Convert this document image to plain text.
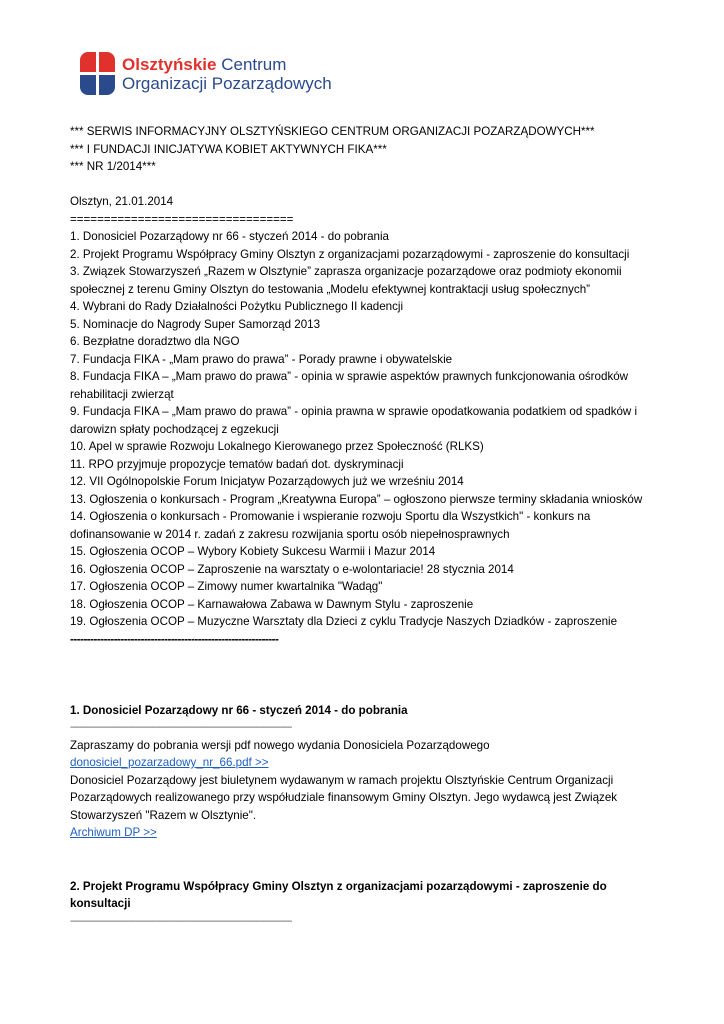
Olsztyńskie Centrum
Organizacji Pozarządowych
*** SERWIS INFORMACYJNY OLSZTYŃSKIEGO CENTRUM ORGANIZACJI POZARZĄDOWYCH***
*** I FUNDACJI INICJATYWA KOBIET AKTYWNYCH FIKA***
*** NR 1/2014***
Olsztyn, 21.01.2014
=================================
1. Donosiciel Pozarządowy nr 66 - styczeń 2014 - do pobrania
2. Projekt Programu Współpracy Gminy Olsztyn z organizacjami pozarządowymi - zaproszenie do konsultacji
3. Związek Stowarzyszeń „Razem w Olsztynie” zaprasza organizacje pozarządowe oraz podmioty ekonomii społecznej z terenu Gminy Olsztyn do testowania „Modelu efektywnej kontraktacji usług społecznych”
4. Wybrani do Rady Działalności Pożytku Publicznego II kadencji
5. Nominacje do Nagrody Super Samorząd 2013
6. Bezpłatne doradztwo dla NGO
7. Fundacja FIKA - „Mam prawo do prawa” - Porady prawne i obywatelskie
8. Fundacja FIKA – „Mam prawo do prawa” - opinia w sprawie aspektów prawnych funkcjonowania ośrodków rehabilitacji zwierząt
9. Fundacja FIKA – „Mam prawo do prawa” - opinia prawna w sprawie opodatkowania podatkiem od spadków i darowizn spłaty pochodzącej z egzekucji
10. Apel w sprawie Rozwoju Lokalnego Kierowanego przez Społeczność (RLKS)
11. RPO przyjmuje propozycje tematów badań dot. dyskryminacji
12. VII Ogólnopolskie Forum Inicjatyw Pozarządowych już we wrześniu 2014
13. Ogłoszenia o konkursach - Program „Kreatywna Europa” – ogłoszono pierwsze terminy składania wniosków
14. Ogłoszenia o konkursach - Promowanie i wspieranie rozwoju Sportu dla Wszystkich" - konkurs na dofinansowanie w 2014 r. zadań z zakresu rozwijania sportu osób niepełnosprawnych
15. Ogłoszenia OCOP – Wybory Kobiety Sukcesu Warmii i Mazur 2014
16. Ogłoszenia OCOP – Zaproszenie na warsztaty o e-wolontariacie! 28 stycznia 2014
17. Ogłoszenia OCOP – Zimowy numer kwartalnika "Wadąg"
18. Ogłoszenia OCOP – Karnawałowa Zabawa w Dawnym Stylu - zaproszenie
19. Ogłoszenia OCOP – Muzyczne Warsztaty dla Dzieci z cyklu Tradycje Naszych Dziadków - zaproszenie
--------------------------------------------------------------
1. Donosiciel Pozarządowy nr 66 - styczeń 2014 - do pobrania
-----------------------------------------------------------------------------------------------
Zapraszamy do pobrania wersji pdf nowego wydania Donosiciela Pozarządowego
donosiciel_pozarzadowy_nr_66.pdf >>
Donosiciel Pozarządowy jest biuletynem wydawanym w ramach projektu Olsztyńskie Centrum Organizacji Pozarządowych realizowanego przy współudziale finansowym Gminy Olsztyn. Jego wydawcą jest Związek Stowarzyszeń "Razem w Olsztynie".
Archiwum DP >>
2. Projekt Programu Współpracy Gminy Olsztyn z organizacjami pozarządowymi - zaproszenie do konsultacji
-----------------------------------------------------------------------------------------------
